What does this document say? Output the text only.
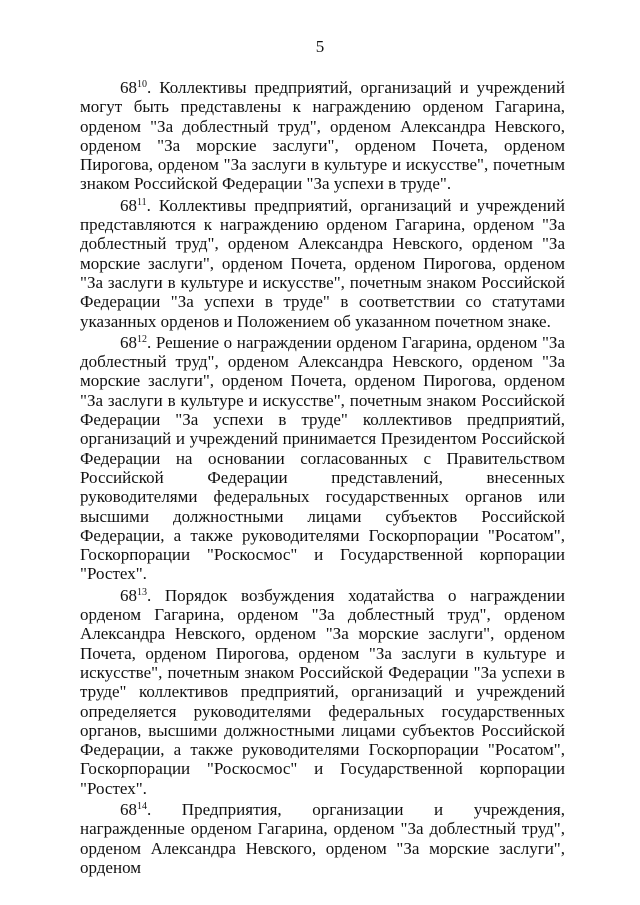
5

$68^{10}$. Коллективы предприятий, организаций и учреждений могут быть представлены к награждению орденом Гагарина, орденом "За доблестный труд", орденом Александра Невского, орденом "За морские заслуги", орденом Почета, орденом Пирогова, орденом "За заслуги в культуре и искусстве", почетным знаком Российской Федерации "За успехи в труде".

$68^{11}$. Коллективы предприятий, организаций и учреждений представляются к награждению орденом Гагарина, орденом "За доблестный труд", орденом Александра Невского, орденом "За морские заслуги", орденом Почета, орденом Пирогова, орденом "За заслуги в культуре и искусстве", почетным знаком Российской Федерации "За успехи в труде" в соответствии со статутами указанных орденов и Положением об указанном почетном знаке.

$68^{12}$. Решение о награждении орденом Гагарина, орденом "За доблестный труд", орденом Александра Невского, орденом "За морские заслуги", орденом Почета, орденом Пирогова, орденом "За заслуги в культуре и искусстве", почетным знаком Российской Федерации "За успехи в труде" коллективов предприятий, организаций и учреждений принимается Президентом Российской Федерации на основании согласованных с Правительством Российской Федерации представлений, внесенных руководителями федеральных государственных органов или высшими должностными лицами субъектов Российской Федерации, а также руководителями Госкорпорации "Росатом", Госкорпорации "Роскосмос" и Государственной корпорации "Ростех".

$68^{13}$. Порядок возбуждения ходатайства о награждении орденом Гагарина, орденом "За доблестный труд", орденом Александра Невского, орденом "За морские заслуги", орденом Почета, орденом Пирогова, орденом "За заслуги в культуре и искусстве", почетным знаком Российской Федерации "За успехи в труде" коллективов предприятий, организаций и учреждений определяется руководителями федеральных государственных органов, высшими должностными лицами субъектов Российской Федерации, а также руководителями Госкорпорации "Росатом", Госкорпорации "Роскосмос" и Государственной корпорации "Ростех".

$68^{14}$. Предприятия, организации и учреждения, награжденные орденом Гагарина, орденом "За доблестный труд", орденом Александра Невского, орденом "За морские заслуги", орденом
